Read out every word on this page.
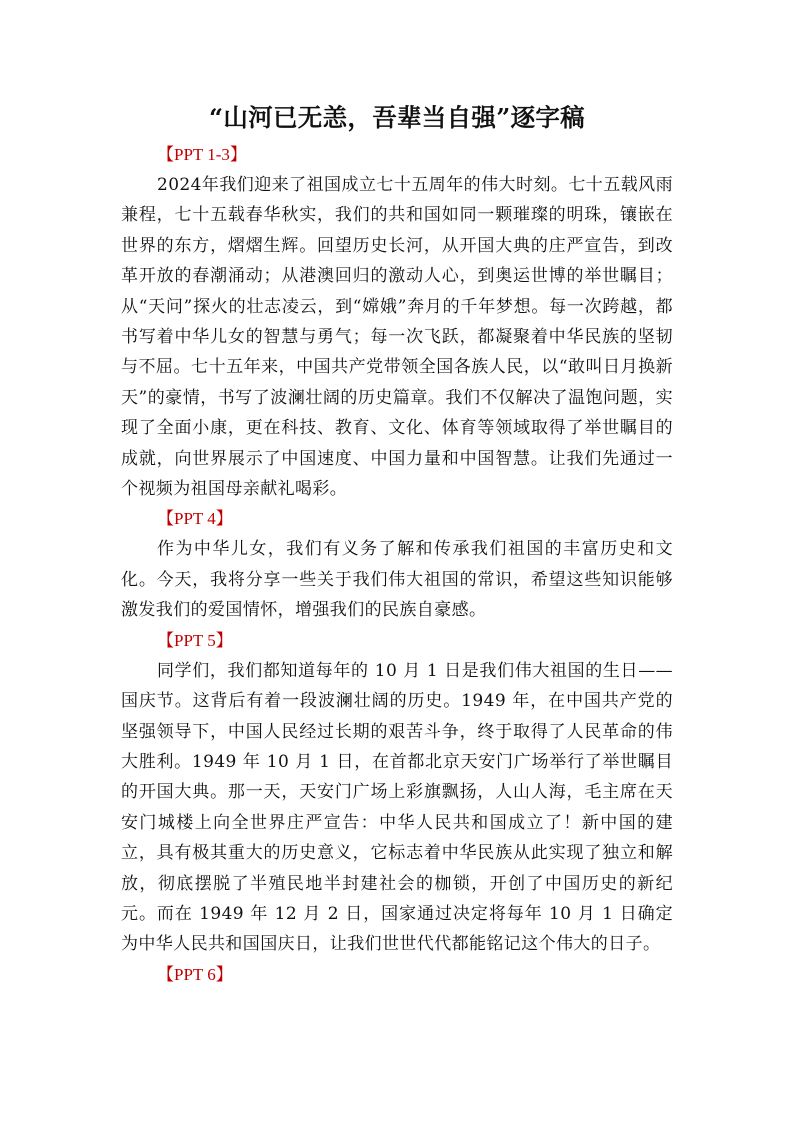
“山河已无恙，吾辈当自强”逐字稿

【PPT 1-3】

2024年我们迎来了祖国成立七十五周年的伟大时刻。七十五载风雨兼程，七十五载春华秋实，我们的共和国如同一颗璀璨的明珠，镶嵌在世界的东方，熠熠生辉。回望历史长河，从开国大典的庄严宣告，到改革开放的春潮涌动；从港澳回归的激动人心，到奥运世博的举世瞩目；从“天问”探火的壮志凌云，到“嫦娥”奔月的千年梦想。每一次跨越，都书写着中华儿女的智慧与勇气；每一次飞跃，都凝聚着中华民族的坚韧与不屈。七十五年来，中国共产党带领全国各族人民，以“敢叫日月换新天”的豪情，书写了波澜壮阔的历史篇章。我们不仅解决了温饱问题，实现了全面小康，更在科技、教育、文化、体育等领域取得了举世瞩目的成就，向世界展示了中国速度、中国力量和中国智慧。让我们先通过一个视频为祖国母亲献礼喝彩。

【PPT 4】

作为中华儿女，我们有义务了解和传承我们祖国的丰富历史和文化。今天，我将分享一些关于我们伟大祖国的常识，希望这些知识能够激发我们的爱国情怀，增强我们的民族自豪感。

【PPT 5】

同学们，我们都知道每年的 10 月 1 日是我们伟大祖国的生日—— 国庆节。这背后有着一段波澜壮阔的历史。1949 年，在中国共产党的坚强领导下，中国人民经过长期的艰苦斗争，终于取得了人民革命的伟大胜利。1949 年 10 月 1 日，在首都北京天安门广场举行了举世瞩目的开国大典。那一天，天安门广场上彩旗飘扬，人山人海，毛主席在天安门城楼上向全世界庄严宣告：中华人民共和国成立了！新中国的建立，具有极其重大的历史意义，它标志着中华民族从此实现了独立和解放，彻底摆脱了半殖民地半封建社会的枷锁，开创了中国历史的新纪元。而在 1949 年 12 月 2 日，国家通过决定将每年 10 月 1 日确定为中华人民共和国国庆日，让我们世世代代都能铭记这个伟大的日子。

【PPT 6】
